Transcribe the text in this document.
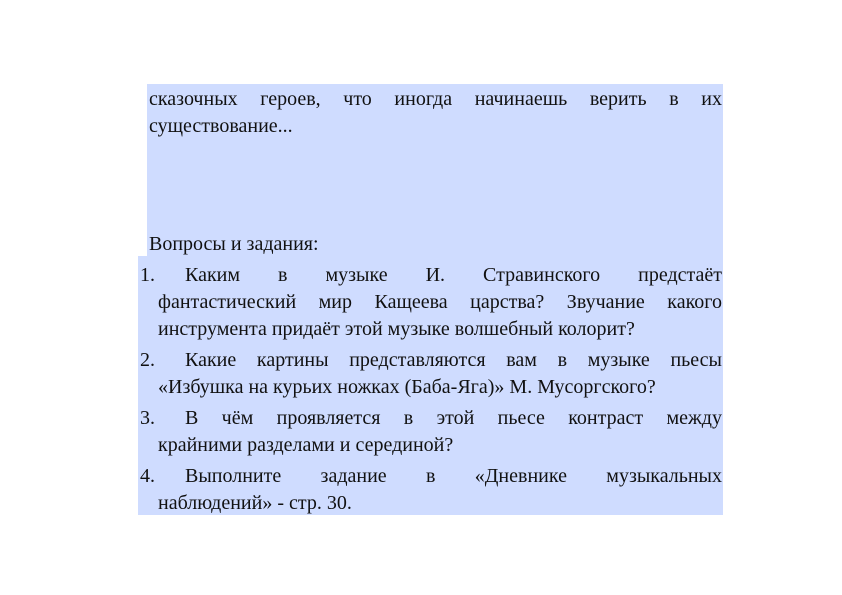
сказочных героев, что иногда начинаешь верить в их
существование...

Вопросы и задания:

1.	Каким в музыке И. Стравинского предстаёт
фантастический мир Кащеева царства? Звучание какого
инструмента придаёт этой музыке волшебный колорит?
2.	Какие картины представляются вам в музыке пьесы
«Избушка на курьих ножках (Баба-Яга)» М. Мусоргского?
3.	В чём проявляется в этой пьесе контраст между
крайними разделами и серединой?
4.	Выполните задание в «Дневнике музыкальных
наблюдений» - стр. 30.
